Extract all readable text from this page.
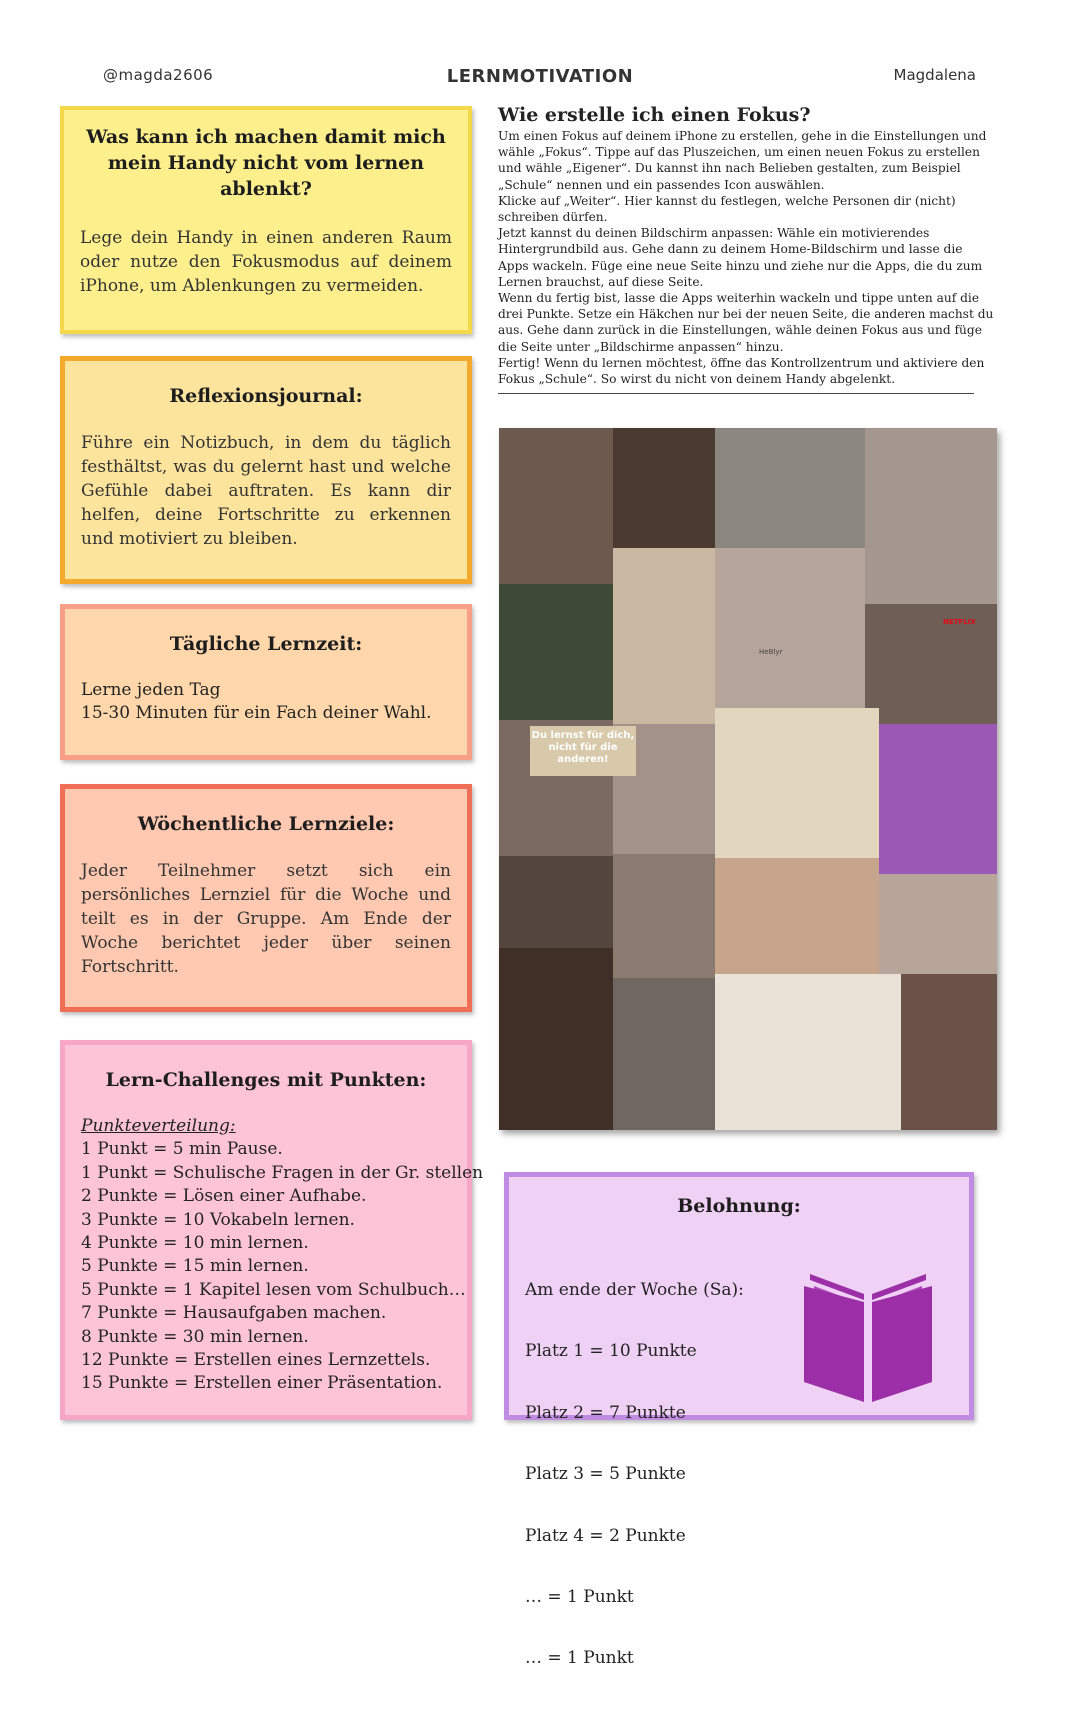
@magda2606	LERNMOTIVATION	Magdalena
Was kann ich machen damit mich mein Handy nicht vom lernen ablenkt?
Lege dein Handy in einen anderen Raum oder nutze den Fokusmodus auf deinem iPhone, um Ablenkungen zu vermeiden.
Reflexionsjournal:
Führe ein Notizbuch, in dem du täglich festhältst, was du gelernt hast und welche Gefühle dabei auftraten. Es kann dir helfen, deine Fortschritte zu erkennen und motiviert zu bleiben.
Tägliche Lernzeit:
Lerne jeden Tag
15-30 Minuten für ein Fach deiner Wahl.
Wöchentliche Lernziele:
Jeder Teilnehmer setzt sich ein persönliches Lernziel für die Woche und teilt es in der Gruppe. Am Ende der Woche berichtet jeder über seinen Fortschritt.
Lern-Challenges mit Punkten:
Punkteverteilung:
1 Punkt = 5 min Pause.
1 Punkt = Schulische Fragen in der Gr. stellen
2 Punkte = Lösen einer Aufhabe.
3 Punkte = 10 Vokabeln lernen.
4 Punkte = 10 min lernen.
5 Punkte = 15 min lernen.
5 Punkte = 1 Kapitel lesen vom Schulbuch…
7 Punkte = Hausaufgaben machen.
8 Punkte = 30 min lernen.
12 Punkte = Erstellen eines Lernzettels.
15 Punkte = Erstellen einer Präsentation.
Belohnung:

Am ende der Woche (Sa):

Platz 1 = 10 Punkte

Platz 2 = 7 Punkte

Platz 3 = 5 Punkte

Platz 4 = 2 Punkte

… = 1 Punkt

… = 1 Punkt

Wie erstelle ich einen Fokus?
Um einen Fokus auf deinem iPhone zu erstellen, gehe in die Einstellungen und
wähle „Fokus“. Tippe auf das Pluszeichen, um einen neuen Fokus zu erstellen
und wähle „Eigener“. Du kannst ihn nach Belieben gestalten, zum Beispiel
„Schule“ nennen und ein passendes Icon auswählen.
Klicke auf „Weiter“. Hier kannst du festlegen, welche Personen dir (nicht)
schreiben dürfen.
Jetzt kannst du deinen Bildschirm anpassen: Wähle ein motivierendes
Hintergrundbild aus. Gehe dann zu deinem Home-Bildschirm und lasse die
Apps wackeln. Füge eine neue Seite hinzu und ziehe nur die Apps, die du zum
Lernen brauchst, auf diese Seite.
Wenn du fertig bist, lasse die Apps weiterhin wackeln und tippe unten auf die
drei Punkte. Setze ein Häkchen nur bei der neuen Seite, die anderen machst du
aus. Gehe dann zurück in die Einstellungen, wähle deinen Fokus aus und füge
die Seite unter „Bildschirme anpassen“ hinzu.
Fertig! Wenn du lernen möchtest, öffne das Kontrollzentrum und aktiviere den
Fokus „Schule“. So wirst du nicht von deinem Handy abgelenkt.
NETFLIX
HeBlyr
Du lernst für dich, nicht für die anderen!
